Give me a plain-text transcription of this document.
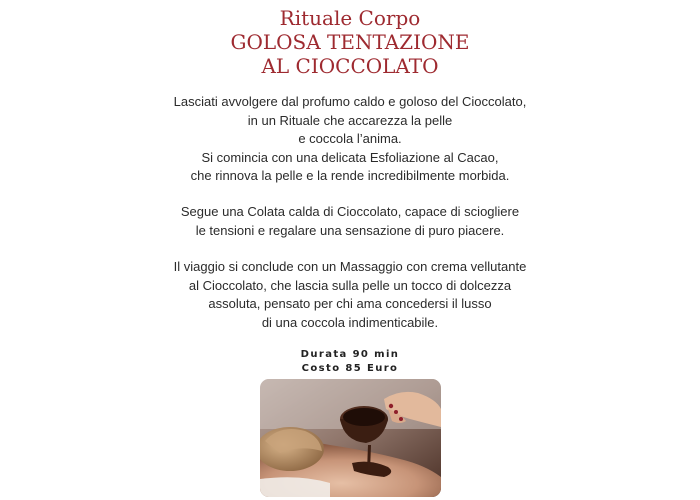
Rituale Corpo
GOLOSA TENTAZIONE
AL CIOCCOLATO
Lasciati avvolgere dal profumo caldo e goloso del Cioccolato,
in un Rituale che accarezza la pelle
e coccola l’anima.
Si comincia con una delicata Esfoliazione al Cacao,
che rinnova la pelle e la rende incredibilmente morbida.
Segue una Colata calda di Cioccolato, capace di sciogliere
le tensioni e regalare una sensazione di puro piacere.
Il viaggio si conclude con un Massaggio con crema vellutante
al Cioccolato, che lascia sulla pelle un tocco di dolcezza
assoluta, pensato per chi ama concedersi il lusso
di una coccola indimenticabile.
Durata 90 min
Costo 85 Euro
